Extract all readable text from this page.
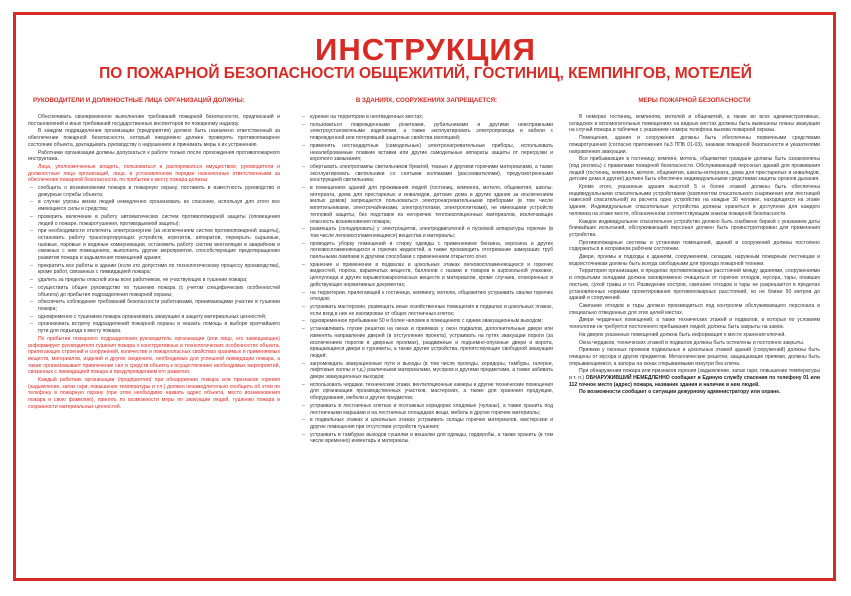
ИНСТРУКЦИЯ
ПО ПОЖАРНОЙ БЕЗОПАСНОСТИ ОБЩЕЖИТИЙ, ГОСТИНИЦ, КЕМПИНГОВ, МОТЕЛЕЙ
РУКОВОДИТЕЛИ И ДОЛЖНОСТНЫЕ ЛИЦА ОРГАНИЗАЦИЙ ДОЛЖНЫ:

Обеспечивать своевременное выполнение требований пожарной безопасности, предписаний и постановлений и иных требований государственных инспекторов по пожарному надзору.

В каждом подразделении организации (предприятия) должно быть назначено ответственный за обеспечение пожарной безопасности, который ежедневно должен проверять противопожарное состояние объекта, докладывать руководству о нарушениях и принимать меры к их устранению.

Работники организации должны допускаться к работе только после прохождения противопожарного инструктажа.

Лица, уполномоченные владеть, пользоваться и распоряжаться имуществом, руководители и должностные лица организаций, лица, в установленном порядке назначенные ответственными за обеспечение пожарной безопасности, по прибытии к месту пожара должны:

– сообщить о возникновении пожара в пожарную охрану, поставить в известность руководство и дежурные службы объекта;

– в случае угрозы жизни людей немедленно организовать их спасение, используя для этого все имеющиеся силы и средства;

– проверить включение в работу автоматических систем противопожарной защиты (оповещения людей о пожаре, пожаротушения, противодымной защиты);

– при необходимости отключить электроэнергию (за исключением систем противопожарной защиты), остановить работу транспортирующих устройств, агрегатов, аппаратов, перекрыть сырьевые, газовые, паровые и водяные коммуникации, остановить работу систем вентиляции в аварийном и смежных с ним помещениях, выполнить другие мероприятия, способствующие предотвращению развития пожара и задымления помещений здания;

– прекратить все работы в здании (если это допустимо по технологическому процессу производства), кроме работ, связанных с ликвидацией пожара;

– удалить за пределы опасной зоны всех работников, не участвующих в тушении пожара;

– осуществить общее руководство по тушению пожара (с учетом специфических особенностей объекта) до прибытия подразделения пожарной охраны;

– обеспечить соблюдение требований безопасности работниками, принимающими участие в тушении пожара;

– одновременно с тушением пожара организовать эвакуацию и защиту материальных ценностей;

– организовать встречу подразделений пожарной охраны и оказать помощь в выборе кратчайшего пути для подъезда к месту пожара.

По прибытии пожарного подразделения руководитель организации (или лицо, его замещающее) информирует руководителя тушения пожара о конструктивных и технологических особенностях объекта, прилегающих строений и сооружений, количестве и пожароопасных свойствах хранимых и применяемых веществ, материалов, изделий и других сведениях, необходимых для успешной ликвидации пожара, а также организовывает привлечение сил и средств объекта к осуществлению необходимых мероприятий, связанных с ликвидацией пожара и предупреждением его развития.

Каждый работник организации (предприятия) при обнаружении пожара или признаков горения (задымление, запах гари, повышение температуры и т.п.) должен незамедлительно сообщить об этом по телефону в пожарную охрану (при этом необходимо назвать адрес объекта, место возникновения пожара и свою фамилию), принять по возможности меры по эвакуации людей, тушению пожара и сохранности материальных ценностей.

В ЗДАНИЯХ, СООРУЖЕНИЯХ ЗАПРЕЩАЕТСЯ:

– курение на территории в неотведенных местах;

– пользоваться поврежденными розетками, рубильниками и другими неисправными электроустановочными изделиями, а также эксплуатировать электропровода и кабели с поврежденной или потерявшей защитные свойства изоляцией;

– применять нестандартные (самодельные) электронагревательные приборы, использовать некалиброванные плавкие вставки или другие самодельные аппараты защиты от перегрузки и короткого замыкания;

– обертывать электролампы светильников бумагой, тканью и другими горючими материалами, а также эксплуатировать светильники со снятыми колпаками (рассеивателями), предусмотренными конструкцией светильника;

– в помещениях зданий для проживания людей (гостиниц, кемпинга, мотеля, общежития, школы-интерната, дома для престарелых и инвалидов, детские дома и другие здания за исключением жилых домов) запрещается пользоваться электронагревательными приборами (в том числе кипятильниками, электрочайниками, электроутюгами, электроплитками), не имеющими устройств тепловой защиты, без подставок из негорючих теплоизоляционных материалов, исключающих опасность возникновения пожара;

– размещать (складировать) у электрощитов, электродвигателей и пусковой аппаратуры горючие (в том числе легковоспламеняющиеся) вещества и материалы;

– проводить уборку помещений и стирку одежды с применением бензина, керосина и других легковоспламеняющихся и горючих жидкостей, а также производить отогревание замерзших труб паяльными лампами и другими способами с применением открытого огня;

– хранение и применение в подвалах и цокольных этажах легковоспламеняющихся и горючих жидкостей, пороха, взрывчатых веществ, баллонов с газами и товаров в аэрозольной упаковке, целлулоида и других взрывопожароопасных веществ и материалов, кроме случаев, оговоренных в действующих нормативных документах;

– на территории, прилегающей к гостинице, кемпингу, мотелю, общежитию устраивать свалки горючих отходов;

– устраивать мастерские, размещать иные хозяйственные помещения в подвалах и цокольных этажах, если вход в них не изолирован от общих лестничных клеток;

– одновременное пребывание 50 и более человек в помещениях с одним эвакуационным выходом;

– устанавливать глухие решетки на окнах и приямках у окон подвалов, дополнительные двери или изменять направление дверей (в отступление проекта), устраивать на путях эвакуации пороги (за исключением порогов в дверных проемах), раздвижные и подъемно-опускные двери и ворота, вращающиеся двери и турникеты, а также другие устройства, препятствующие свободной эвакуации людей;

– загромождать эвакуационные пути и выходы (в том числе проходы, коридоры, тамбуры, галереи, лифтовые холлы и т.д.) различными материалами, мусором и другими предметами, а также забивать двери эвакуационных выходов;

– использовать чердаки, технические этажи, вентиляционные камеры и другие технические помещения для организации производственных участков, мастерских, а также для хранения продукции, оборудования, мебели и других предметов;

– устраивать в лестничных клетках и поэтажных коридорах кладовые (чуланы), а также хранить под лестничными маршами и на лестничных площадках вещи, мебель и другие горючие материалы;

– в подвальных этажах и цокольных этажах устраивать склады горючих материалов, мастерские и другие помещения при отсутствии устройств тушения;

– устраивать в тамбурах выходов сушилки и вешалки для одежды, гардеробы, а также хранить (в том числе временно) инвентарь и материалы.

МЕРЫ ПОЖАРНОЙ БЕЗОПАСНОСТИ

В номерах гостиниц, кемпингов, мотелей и общежитий, а также во всех административных, складских и вспомогательных помещениях на видных местах должны быть вывешены планы эвакуации на случай пожара и таблички с указанием номера телефона вызова пожарной охраны.

Помещения, здания и сооружения должны быть обеспечены первичными средствами пожаротушения (согласно приложения №3 ППБ 01-03), знаками пожарной безопасности и указателями направления эвакуации.

Все прибывающие в гостиницу, кемпинг, мотель, общежитие граждане должны быть ознакомлены (под роспись) с правилами пожарной безопасности. Обслуживающий персонал зданий для проживания людей (гостиниц, кемпинга, мотеля, общежития, школы-интерната, дома для престарелых и инвалидов, детские дома и другие) должен быть обеспечен индивидуальными средствами защиты органов дыхания.

Кроме этого, указанные здания высотой 5 и более этажей должны быть обеспечены индивидуальными спасательными устройствами (комплектом спасательного снаряжения или лестницей навесной спасательной) из расчета одно устройство на каждые 30 человек, находящихся на этаже здания. Индивидуальные спасательные устройства должны храниться в доступном для каждого человека на этаже месте, обозначенном соответствующим знаком пожарной безопасности.

Каждое индивидуальное спасательное устройство должно быть снабжено биркой с указанием даты ближайших испытаний, обслуживающий персонал должен быть проинструктирован для применения устройства.

Противопожарные системы и установки помещений, зданий и сооружений должны постоянно содержаться в исправном рабочем состоянии.

Двери, проемы и подходы к зданиям, сооружениям, складам, наружным пожарным лестницам и водоисточникам должны быть всегда свободными для проезда пожарной техники.

Территория организации, в пределах противопожарных расстояний между зданиями, сооружениями и открытыми складами должна своевременно очищаться от горючих отходов, мусора, тары, опавших листьев, сухой травы и т.п. Разведение костров, сжигание отходов и тары не разрешается в пределах установленных нормами проектирования противопожарных расстояний, но не ближе 50 метров до зданий и сооружений.

Сжигание отходов и тары должно производиться под контролем обслуживающего персонала в специально отведенных для этих целей местах.

Двери чердачных помещений, а также технических этажей и подвалов, в которых по условиям технологии не требуется постоянного пребывания людей, должны быть закрыты на замок.

На дверях указанных помещений должна быть информация о месте хранения ключей.

Окна чердаков, технических этажей и подвалов должны быть остеклены и постоянно закрыты.

Приямки у оконных проемов подвальных и цокольных этажей зданий (сооружений) должны быть очищены от мусора и других предметов. Металлические решетки, защищающие приямки, должны быть открывающимися, а запоры на окнах открываемыми изнутри без ключа.

При обнаружении пожара или признаков горения (задымление, запах гари, повышение температуры и т. п.) ОБНАРУЖИВШИЙ НЕМЕДЛЕННО сообщает в Единую службу спасения по телефону 01 или 112 точное место (адрес) пожара, название здания и наличие в нем людей.

По возможности сообщает о ситуации дежурному администратору или охране.
